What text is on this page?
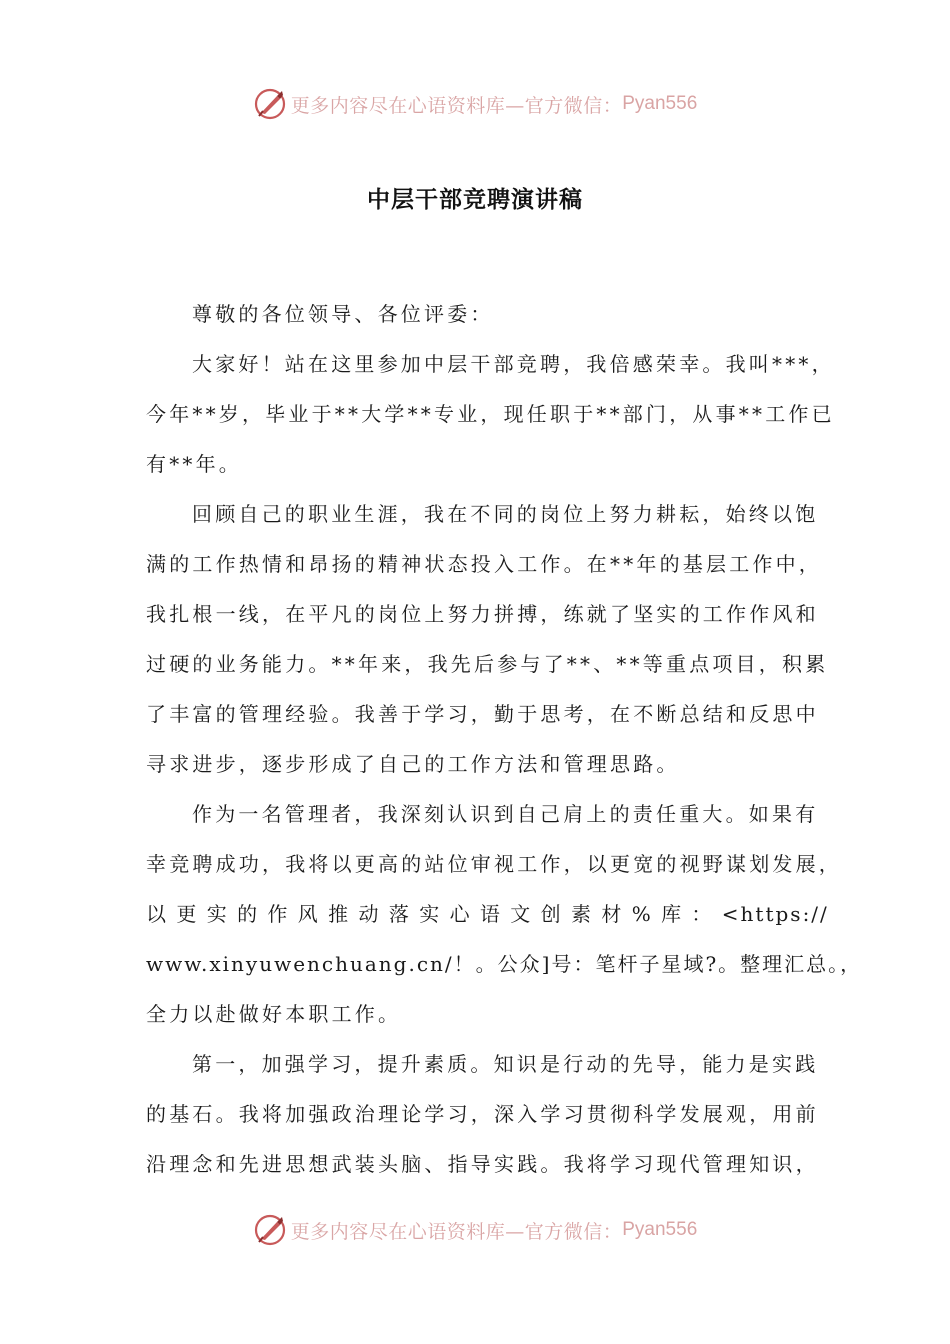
更多内容尽在心语资料库—官方微信： Pyan556
中层干部竞聘演讲稿
尊敬的各位领导、各位评委：
大家好！站在这里参加中层干部竞聘，我倍感荣幸。我叫***，
今年**岁，毕业于**大学**专业，现任职于**部门，从事**工作已
有**年。
回顾自己的职业生涯，我在不同的岗位上努力耕耘，始终以饱
满的工作热情和昂扬的精神状态投入工作。在**年的基层工作中，
我扎根一线，在平凡的岗位上努力拼搏，练就了坚实的工作作风和
过硬的业务能力。**年来，我先后参与了**、**等重点项目，积累
了丰富的管理经验。我善于学习，勤于思考，在不断总结和反思中
寻求进步，逐步形成了自己的工作方法和管理思路。
作为一名管理者，我深刻认识到自己肩上的责任重大。如果有
幸竞聘成功，我将以更高的站位审视工作，以更宽的视野谋划发展，
以 更 实 的 作 风 推 动 落 实 心 语 文 创 素 材 % 库 ： <https://
www.xinyuwenchuang.cn/！。公众]号：笔杆子星域?。整理汇总。，
全力以赴做好本职工作。
第一，加强学习，提升素质。知识是行动的先导，能力是实践
的基石。我将加强政治理论学习，深入学习贯彻科学发展观，用前
沿理念和先进思想武装头脑、指导实践。我将学习现代管理知识，
更多内容尽在心语资料库—官方微信： Pyan556
